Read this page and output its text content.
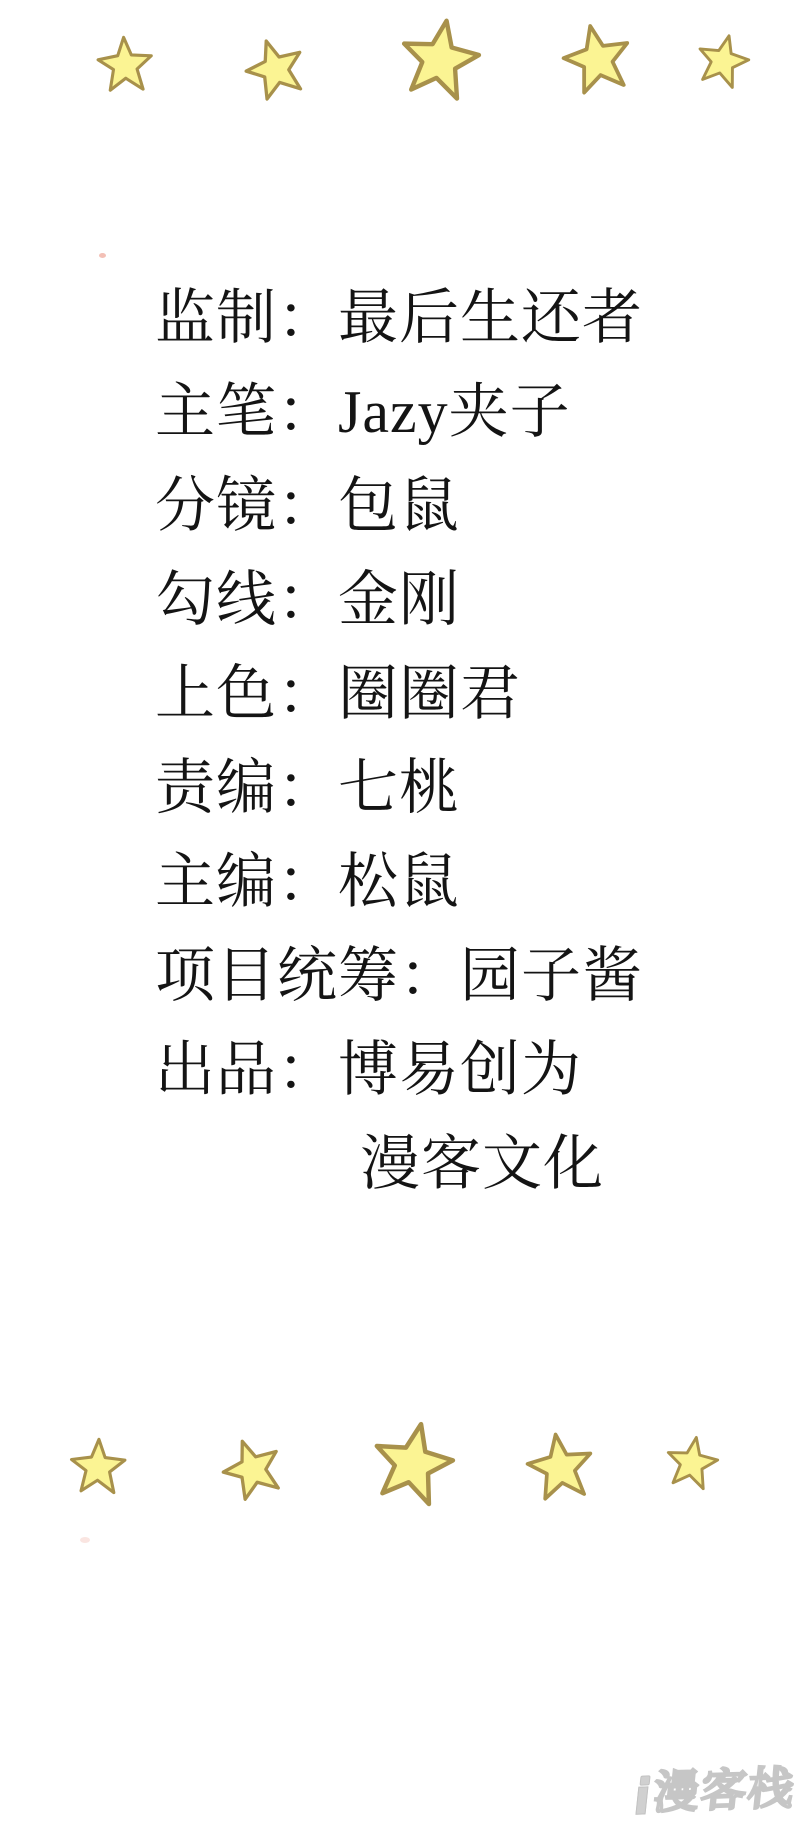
监制：最后生还者
主笔：Jazy夹子
分镜：包鼠
勾线：金刚
上色：圈圈君
责编：七桃
主编：松鼠
项目统筹：园子酱
出品：博易创为
漫客文化
漫客栈
